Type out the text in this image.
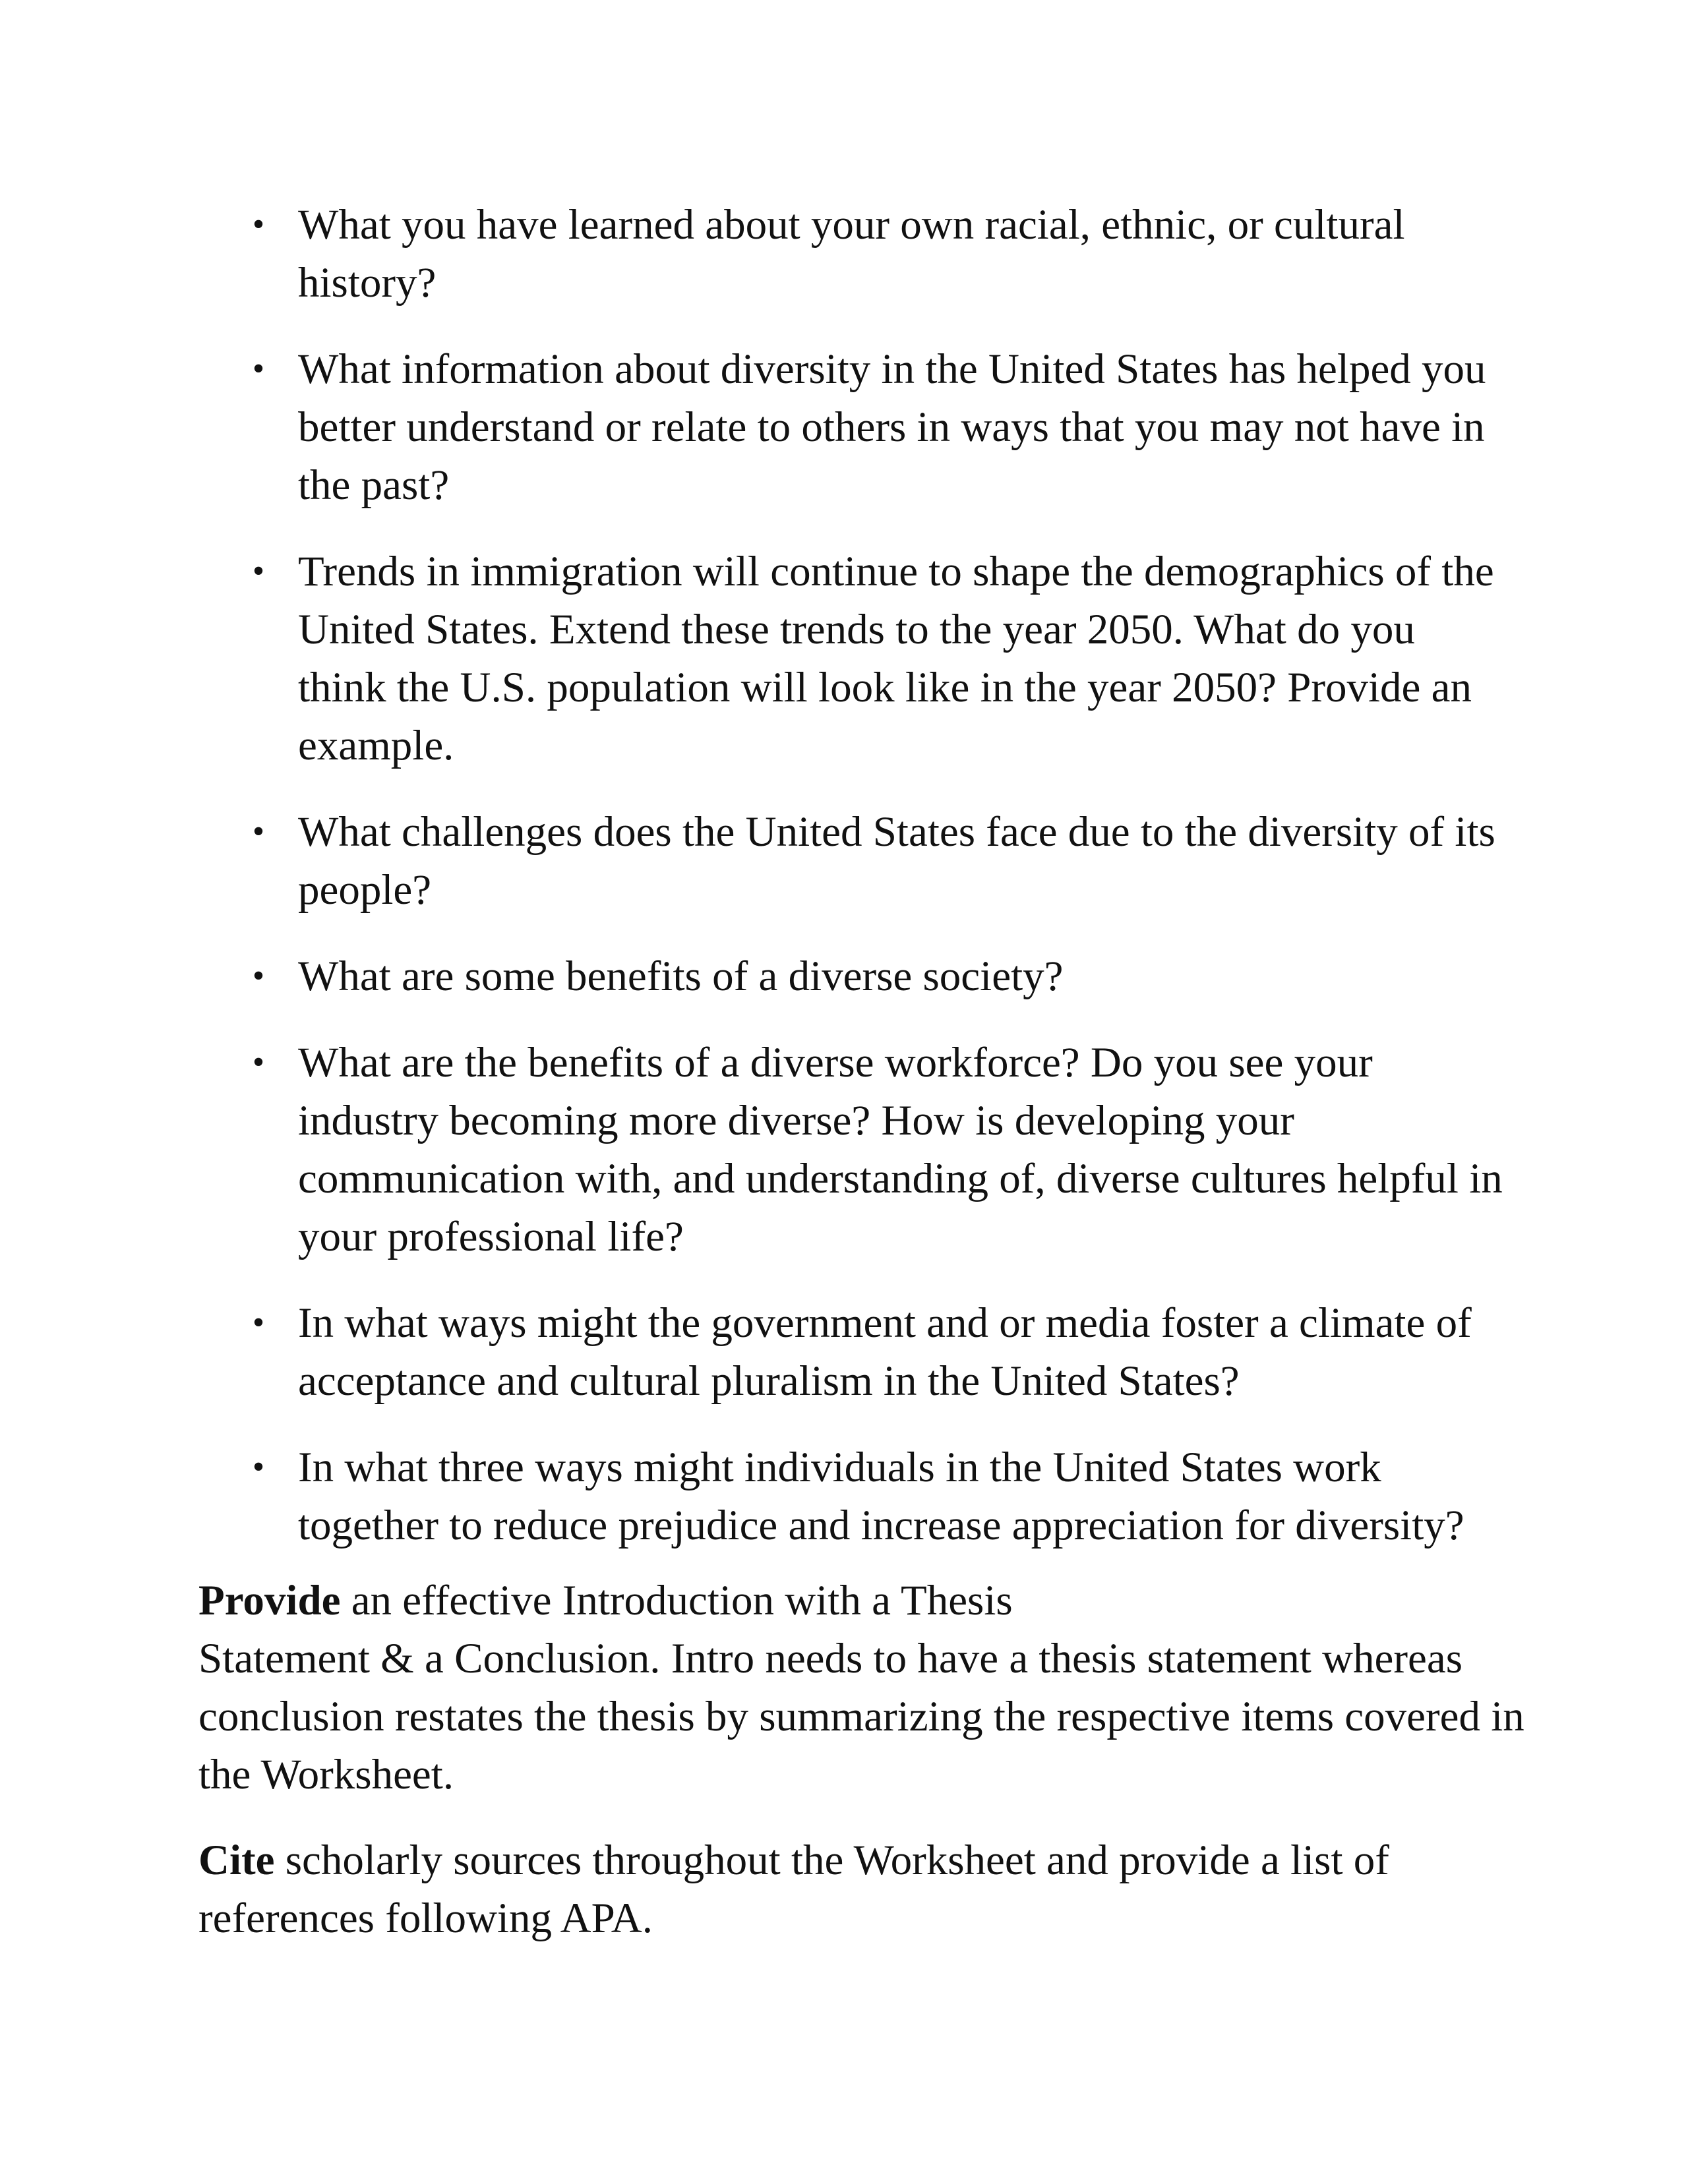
• What you have learned about your own racial, ethnic, or cultural history?
• What information about diversity in the United States has helped you better understand or relate to others in ways that you may not have in the past?
• Trends in immigration will continue to shape the demographics of the United States. Extend these trends to the year 2050. What do you think the U.S. population will look like in the year 2050? Provide an example.
• What challenges does the United States face due to the diversity of its people?
• What are some benefits of a diverse society?
• What are the benefits of a diverse workforce? Do you see your industry becoming more diverse? How is developing your communication with, and understanding of, diverse cultures helpful in your professional life?
• In what ways might the government and or media foster a climate of acceptance and cultural pluralism in the United States?
• In what three ways might individuals in the United States work together to reduce prejudice and increase appreciation for diversity?

Provide an effective Introduction with a Thesis
Statement & a Conclusion. Intro needs to have a thesis statement whereas conclusion restates the thesis by summarizing the respective items covered in the Worksheet.

Cite scholarly sources throughout the Worksheet and provide a list of references following APA.
